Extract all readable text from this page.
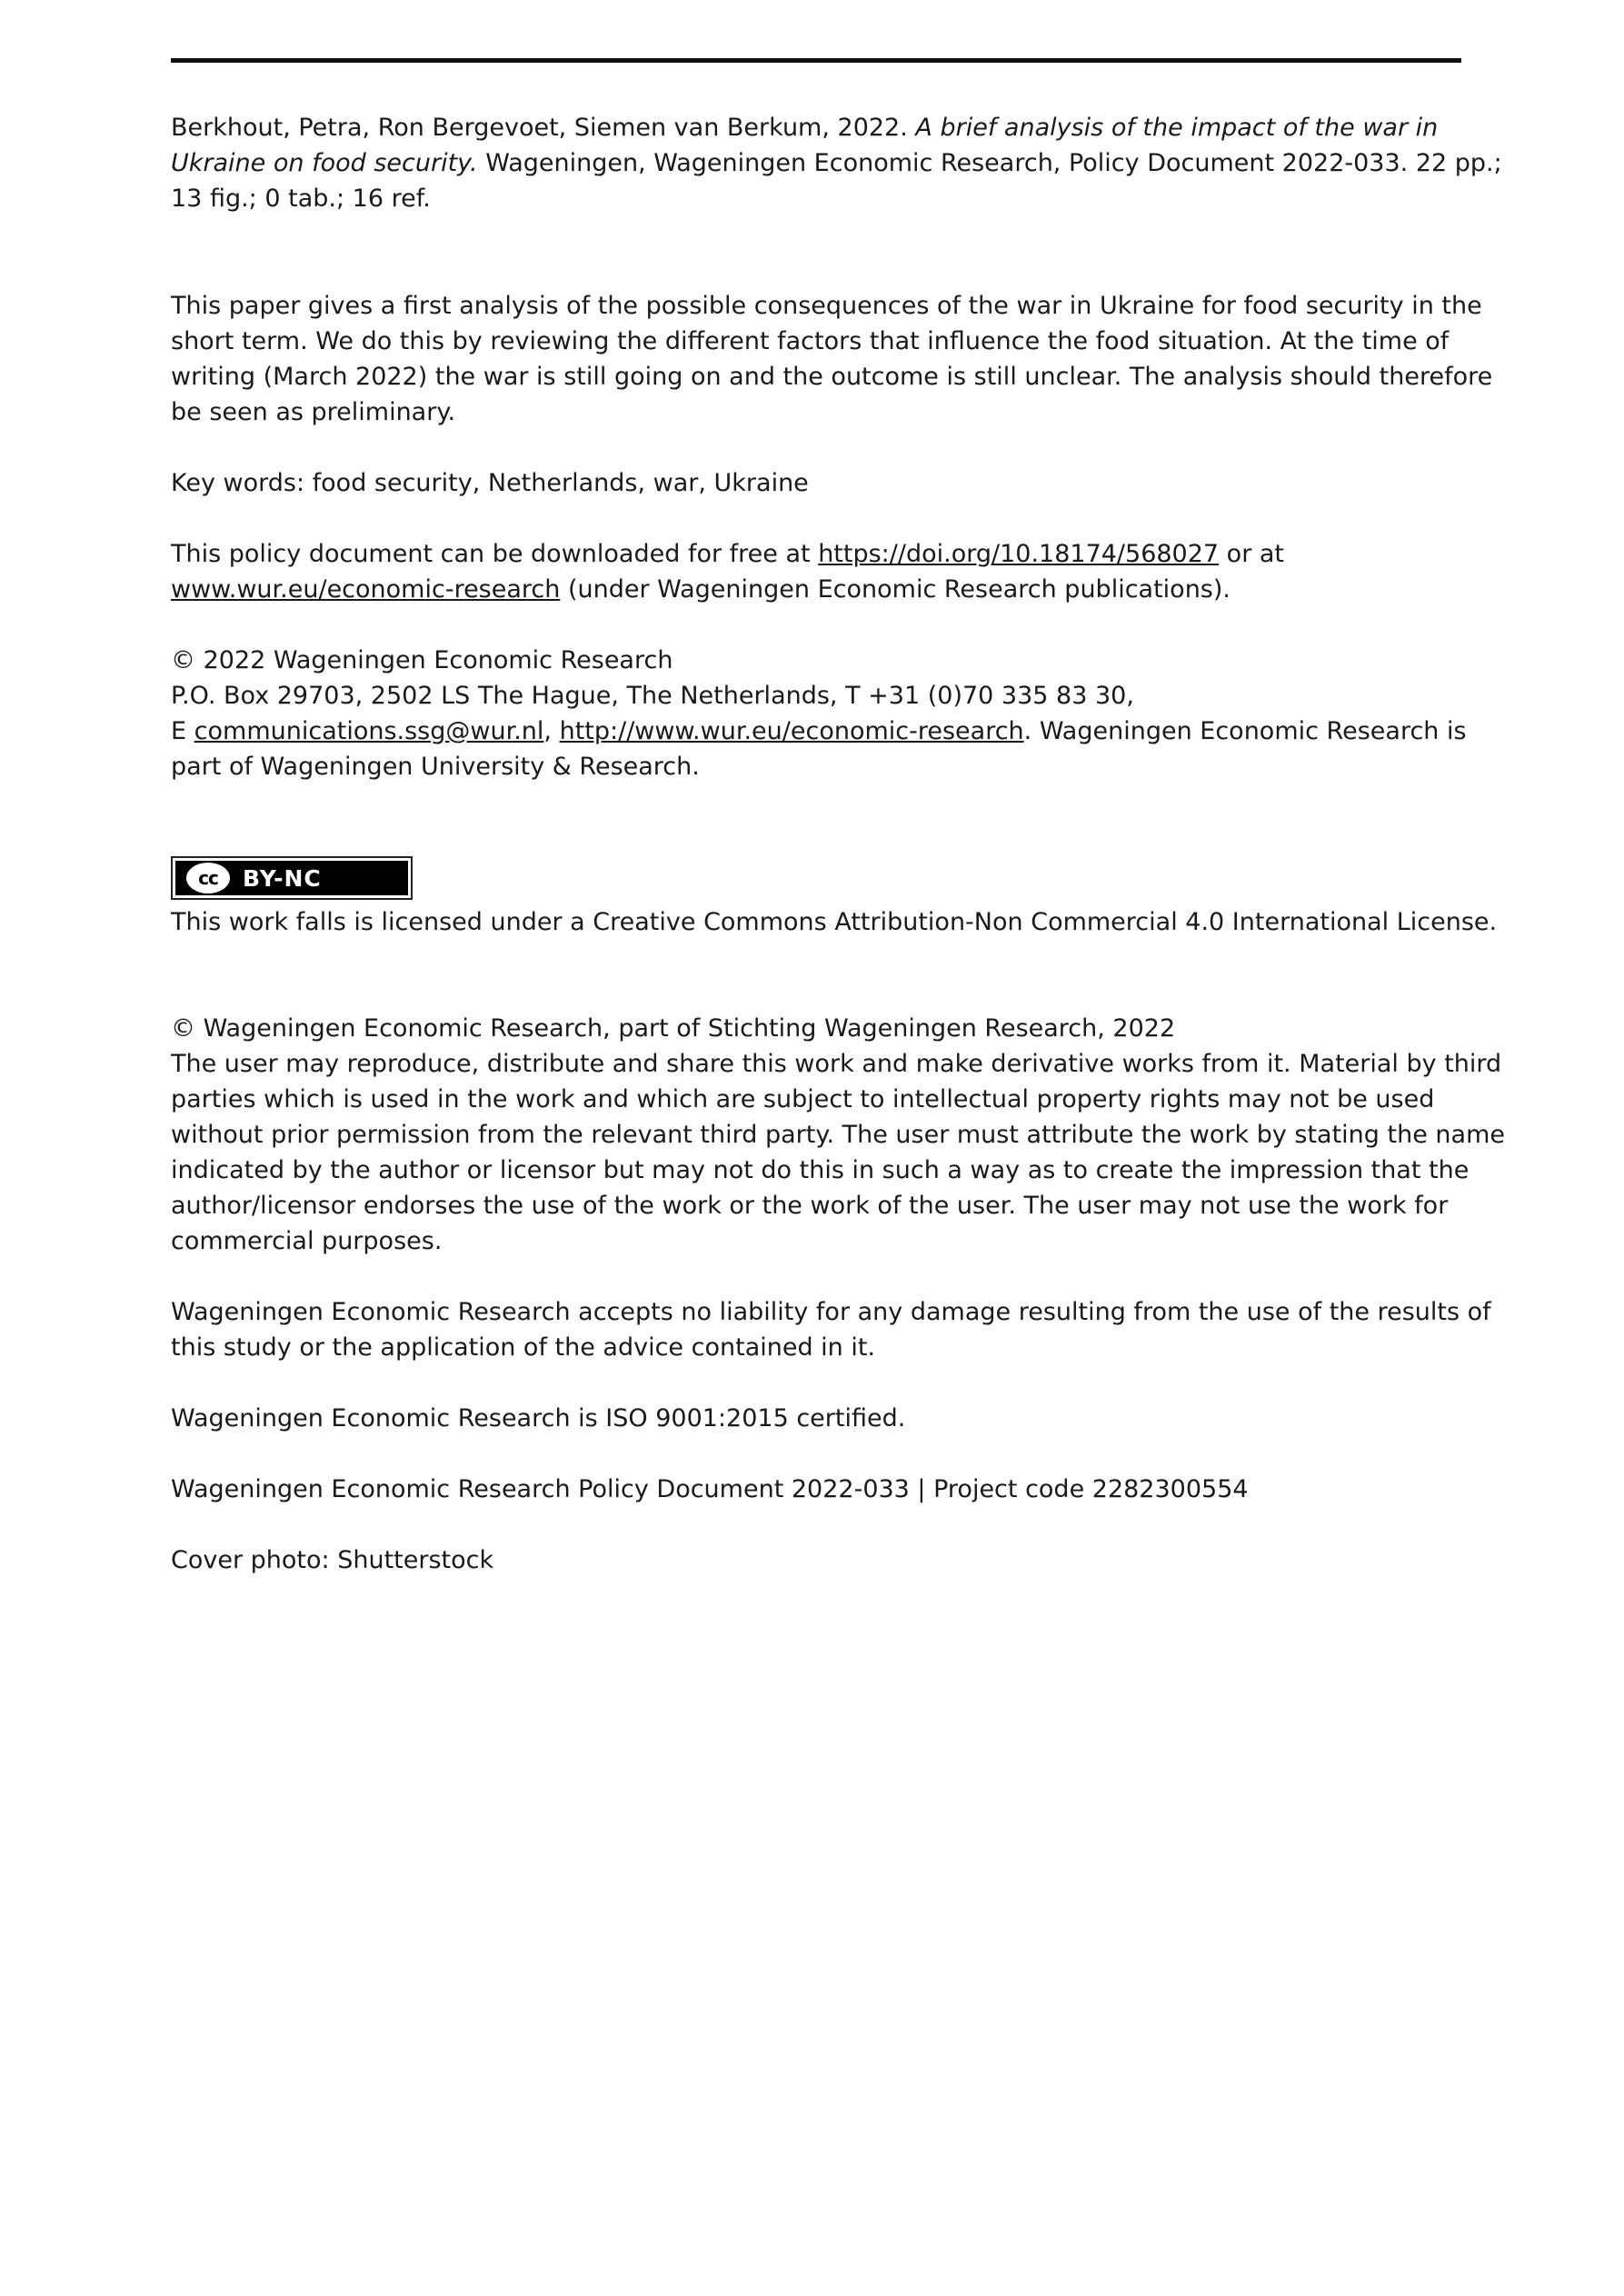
Berkhout, Petra, Ron Bergevoet, Siemen van Berkum, 2022. A brief analysis of the impact of the war in
Ukraine on food security. Wageningen, Wageningen Economic Research, Policy Document 2022-033. 22 pp.;
13 fig.; 0 tab.; 16 ref.
This paper gives a first analysis of the possible consequences of the war in Ukraine for food security in the
short term. We do this by reviewing the different factors that influence the food situation. At the time of
writing (March 2022) the war is still going on and the outcome is still unclear. The analysis should therefore
be seen as preliminary.
Key words: food security, Netherlands, war, Ukraine
This policy document can be downloaded for free at https://doi.org/10.18174/568027 or at
www.wur.eu/economic-research (under Wageningen Economic Research publications).
© 2022 Wageningen Economic Research
P.O. Box 29703, 2502 LS The Hague, The Netherlands, T +31 (0)70 335 83 30,
E communications.ssg@wur.nl, http://www.wur.eu/economic-research. Wageningen Economic Research is
part of Wageningen University & Research.
cc BY-NC
This work falls is licensed under a Creative Commons Attribution-Non Commercial 4.0 International License.
© Wageningen Economic Research, part of Stichting Wageningen Research, 2022
The user may reproduce, distribute and share this work and make derivative works from it. Material by third
parties which is used in the work and which are subject to intellectual property rights may not be used
without prior permission from the relevant third party. The user must attribute the work by stating the name
indicated by the author or licensor but may not do this in such a way as to create the impression that the
author/licensor endorses the use of the work or the work of the user. The user may not use the work for
commercial purposes.
Wageningen Economic Research accepts no liability for any damage resulting from the use of the results of
this study or the application of the advice contained in it.
Wageningen Economic Research is ISO 9001:2015 certified.
Wageningen Economic Research Policy Document 2022-033 | Project code 2282300554
Cover photo: Shutterstock
